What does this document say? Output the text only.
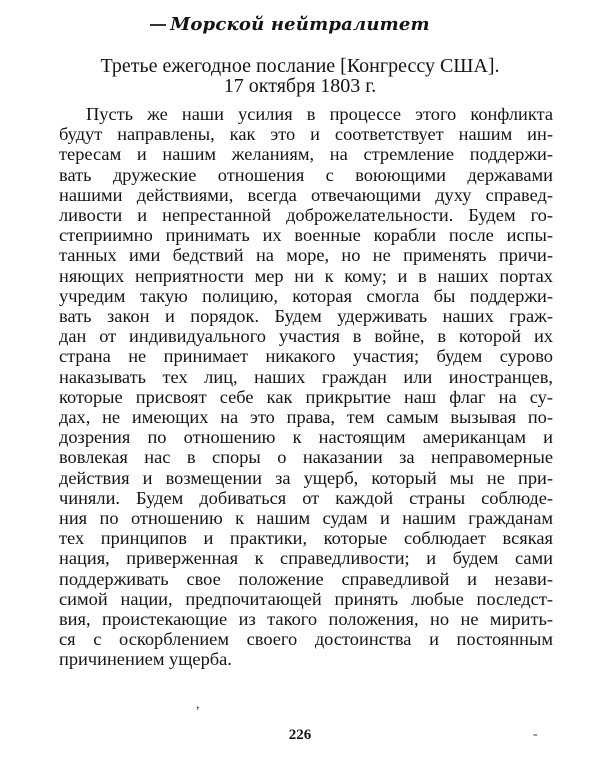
Морской нейтралитет
Третье ежегодное послание [Конгрессу США].
17 октября 1803 г.
Пусть же наши усилия в процессе этого конфликта
будут направлены, как это и соответствует нашим ин-
тересам и нашим желаниям, на стремление поддержи-
вать дружеские отношения с воюющими державами
нашими действиями, всегда отвечающими духу справед-
ливости и непрестанной доброжелательности. Будем го-
степриимно принимать их военные корабли после испы-
танных ими бедствий на море, но не применять причи-
няющих неприятности мер ни к кому; и в наших портах
учредим такую полицию, которая смогла бы поддержи-
вать закон и порядок. Будем удерживать наших граж-
дан от индивидуального участия в войне, в которой их
страна не принимает никакого участия; будем сурово
наказывать тех лиц, наших граждан или иностранцев,
которые присвоят себе как прикрытие наш флаг на су-
дах, не имеющих на это права, тем самым вызывая по-
дозрения по отношению к настоящим американцам и
вовлекая нас в споры о наказании за неправомерные
действия и возмещении за ущерб, который мы не при-
чиняли. Будем добиваться от каждой страны соблюде-
ния по отношению к нашим судам и нашим гражданам
тех принципов и практики, которые соблюдает всякая
нация, приверженная к справедливости; и будем сами
поддерживать свое положение справедливой и незави-
симой нации, предпочитающей принять любые последст-
вия, проистекающие из такого положения, но не мирить-
ся с оскорблением своего достоинства и постоянным
причинением ущерба.
,
-
226
